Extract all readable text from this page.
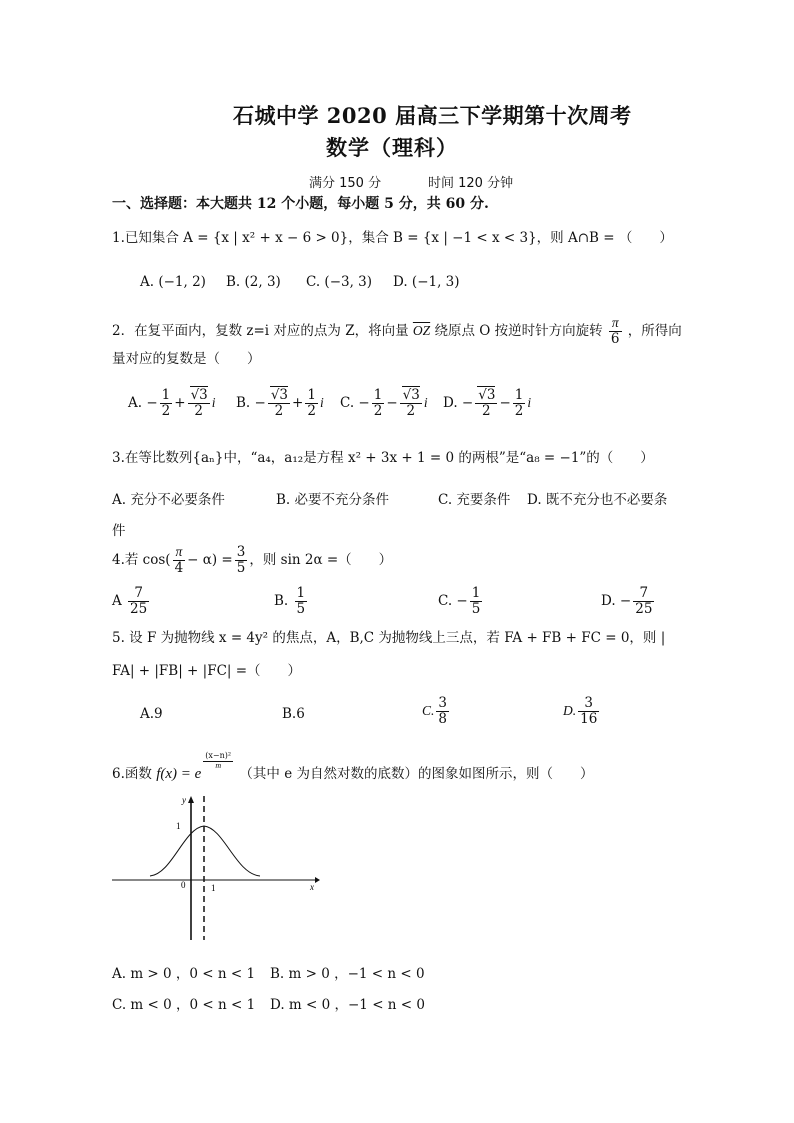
石城中学 2020 届高三下学期第十次周考
数学（理科）
满分 150 分	时间 120 分钟
一、选择题：本大题共 12 个小题，每小题 5 分，共 60 分.
1.已知集合 A = {x | x² + x − 6 > 0}，集合 B = {x | −1 < x < 3}，则 A∩B = （　　）
A. (−1, 2) B. (2, 3) C. (−3, 3) D. (−1, 3)
2．在复平面内，复数 z=i 对应的点为 Z，将向量 $\overline{OZ}$ 绕原点 O 按逆时针方向旋转 $\frac{\pi}{6}$ ，所得向
量对应的复数是（　　）
A. − $\frac{1}{2} + \frac{√3}{2}$ i B. − $\frac{√3}{2} + \frac{1}{2}$ i C. − $\frac{1}{2} - \frac{√3}{2}$ i D. − $\frac{√3}{2} - \frac{1}{2}$ i
3.在等比数列{aₙ}中，“a₄，a₁₂是方程 x² + 3x + 1 = 0 的两根”是“a₈ = −1”的（　　）
A. 充分不必要条件	B. 必要不充分条件	C. 充要条件 D. 既不充分也不必要条
件
4.若 $\cos( \frac{\pi}{4} - \alpha) = \frac{3}{5}$ ，则 sin 2α =（　　）
A $\frac{7}{25}$	B. $\frac{1}{5}$	C. − $\frac{1}{5}$	D. − $\frac{7}{25}$
5. 设 F 为抛物线 x = 4y² 的焦点，A，B,C 为抛物线上三点，若 FA + FB + FC = 0，则 |
FA| + |FB| + |FC| =（　　）
A.9	B.6	C. $\frac{3}{8}$	D. $\frac{3}{16}$
6.函数 f(x) = e
$\frac{\text{(x−n)²}}{m}$
（其中 e 为自然对数的底数）的图象如图所示，则（　　）
y
x
1
0	1
A. m > 0 ，0 < n < 1 B. m > 0 ，−1 < n < 0
C. m < 0 ，0 < n < 1 D. m < 0 ，−1 < n < 0
